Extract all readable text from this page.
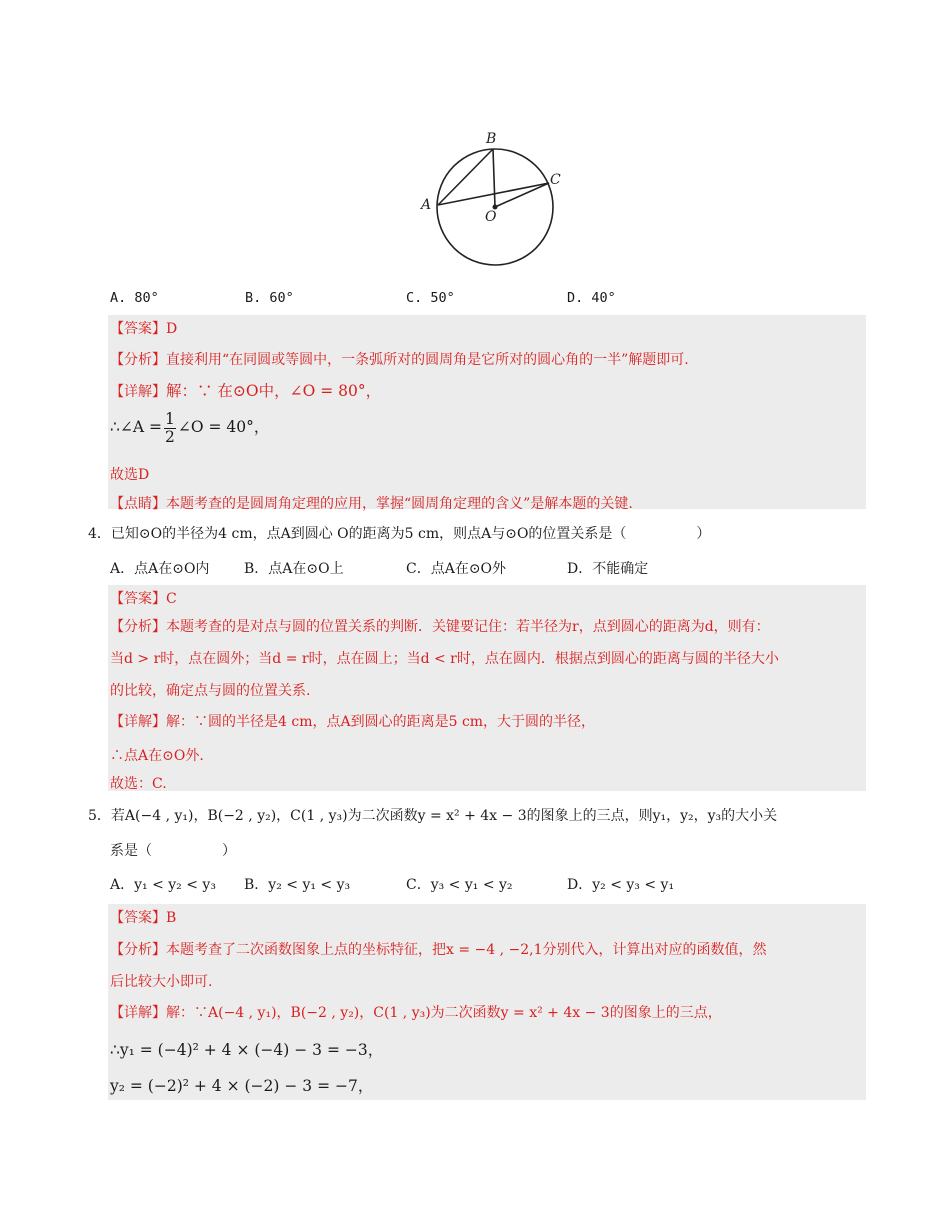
B
C
A
O
A. 80°	B. 60°	C. 50°	D. 40°
【答案】D
【分析】直接利用“在同圆或等圆中，一条弧所对的圆周角是它所对的圆心角的一半”解题即可.
【详解】解：∵ 在⊙O中，∠O = 80°，
∴∠A = $\frac{1}{2}$ ∠O = 40°，
故选D
【点睛】本题考查的是圆周角定理的应用，掌握“圆周角定理的含义”是解本题的关键.
4．已知⊙O的半径为4 cm，点A到圆心 O的距离为5 cm，则点A与⊙O的位置关系是（　　　　　）
A．点A在⊙O内 B．点A在⊙O上	C．点A在⊙O外	D．不能确定
【答案】C
【分析】本题考查的是对点与圆的位置关系的判断．关键要记住：若半径为r，点到圆心的距离为d，则有：
当d > r时，点在圆外；当d = r时，点在圆上；当d < r时，点在圆内．根据点到圆心的距离与圆的半径大小
的比较，确定点与圆的位置关系.
【详解】解：∵圆的半径是4 cm，点A到圆心的距离是5 cm，大于圆的半径，
∴点A在⊙O外.
故选：C.
5．若A(−4 , y₁)，B(−2 , y₂)，C(1 , y₃)为二次函数y = x² + 4x − 3的图象上的三点，则y₁，y₂，y₃的大小关
系是（　　　　　）
A．y₁ < y₂ < y₃ B．y₂ < y₁ < y₃	C．y₃ < y₁ < y₂	D．y₂ < y₃ < y₁
【答案】B
【分析】本题考查了二次函数图象上点的坐标特征，把x = −4 , −2,1分别代入，计算出对应的函数值，然
后比较大小即可.
【详解】解：∵A(−4 , y₁)，B(−2 , y₂)，C(1 , y₃)为二次函数y = x² + 4x − 3的图象上的三点，
∴y₁ = (−4)² + 4 × (−4) − 3 = −3，
y₂ = (−2)² + 4 × (−2) − 3 = −7，
